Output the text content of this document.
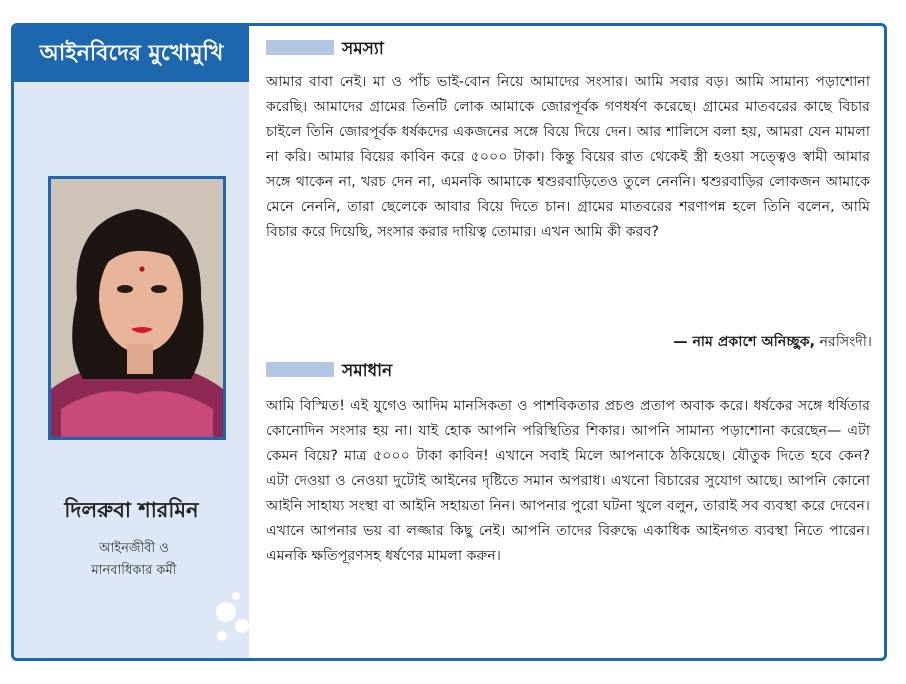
আইনবিদের মুখোমুখি
দিলরুবা শারমিন
আইনজীবী ও
মানবাধিকার কর্মী
সমস্যা

আমার বাবা নেই। মা ও পাঁচ ভাই-বোন নিয়ে আমাদের সংসার। আমি সবার বড়। আমি সামান্য পড়াশোনা করেছি। আমাদের গ্রামের তিনটি লোক আমাকে জোরপূর্বক গণধর্ষণ করেছে। গ্রামের মাতবরের কাছে বিচার চাইলে তিনি জোরপূর্বক ধর্ষকদের একজনের সঙ্গে বিয়ে দিয়ে দেন। আর শালিসে বলা হয়, আমরা যেন মামলা না করি। আমার বিয়ের কাবিন করে ৫০০০ টাকা। কিন্তু বিয়ের রাত থেকেই স্ত্রী হওয়া সত্ত্বেও স্বামী আমার সঙ্গে থাকেন না, খরচ দেন না, এমনকি আমাকে শ্বশুরবাড়িতেও তুলে নেননি। শ্বশুরবাড়ির লোকজন আমাকে মেনে নেননি, তারা ছেলেকে আবার বিয়ে দিতে চান। গ্রামের মাতবরের শরণাপন্ন হলে তিনি বলেন, আমি বিচার করে দিয়েছি, সংসার করার দায়িত্ব তোমার। এখন আমি কী করব?

— নাম প্রকাশে অনিচ্ছুক, নরসিংদী।
সমাধান

আমি বিস্মিত! এই যুগেও আদিম মানসিকতা ও পাশবিকতার প্রচণ্ড প্রতাপ অবাক করে। ধর্ষকের সঙ্গে ধর্ষিতার কোনোদিন সংসার হয় না। যাই হোক আপনি পরিস্থিতির শিকার। আপনি সামান্য পড়াশোনা করেছেন— এটা কেমন বিয়ে? মাত্র ৫০০০ টাকা কাবিন! এখানে সবাই মিলে আপনাকে ঠকিয়েছে। যৌতুক দিতে হবে কেন? এটা দেওয়া ও নেওয়া দুটোই আইনের দৃষ্টিতে সমান অপরাধ। এখনো বিচারের সুযোগ আছে। আপনি কোনো আইনি সাহায্য সংস্থা বা আইনি সহায়তা নিন। আপনার পুরো ঘটনা খুলে বলুন, তারাই সব ব্যবস্থা করে দেবেন। এখানে আপনার ভয় বা লজ্জার কিছু নেই। আপনি তাদের বিরুদ্ধে একাধিক আইনগত ব্যবস্থা নিতে পারেন। এমনকি ক্ষতিপূরণসহ ধর্ষণের মামলা করুন।
